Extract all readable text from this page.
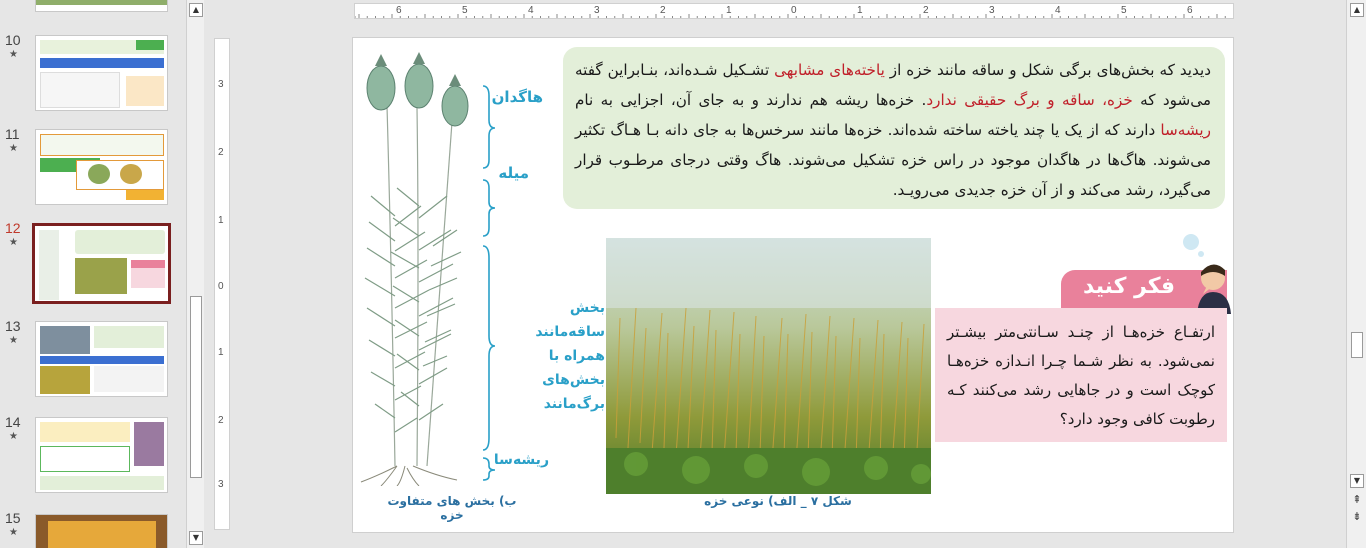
10
★
11
★
12
★
13
★
14
★
15
★
▲
▼
6	5	4	3	2	1	0	1	2	3	4	5	6
3
2
1
0
1
2
3
هاگدان
میله
بخش ساقه‌مانند
همراه با بخش‌های
برگ‌مانند
ریشه‌سا
ب) بخش های متفاوت خزه
دیدید که بخش‌های برگی شکل و ساقه مانند خزه از یاخته‌های مشابهی تشـکیل شـده‌اند، بنـابراین گفته می‌شود که خزه، ساقه و برگ حقیقی ندارد. خزه‌ها ریشه هم ندارند و به جای آن، اجزایی به نام ریشه‌سا دارند که از یک یا چند یاخته ساخته شده‌اند. خزه‌ها مانند سرخس‌ها به جای دانه بـا هـاگ تکثیر می‌شوند. هاگ‌ها در هاگدان موجود در راس خزه تشکیل می‌شوند. هاگ وقتی درجای مرطـوب قرار می‌گیرد، رشد می‌کند و از آن خزه جدیدی می‌رویـد.
شکل ۷ _ الف) نوعی خزه
فکر کنید
ارتفـاع خزه‌هـا از چنـد سـانتی‌متر بیشـتر نمی‌شود. به نظر شـما چـرا انـدازه خزه‌هـا کوچک است و در جاهایی رشد می‌کنند کـه رطوبت کافی وجود دارد؟
▲
▼
⇞
⇟
